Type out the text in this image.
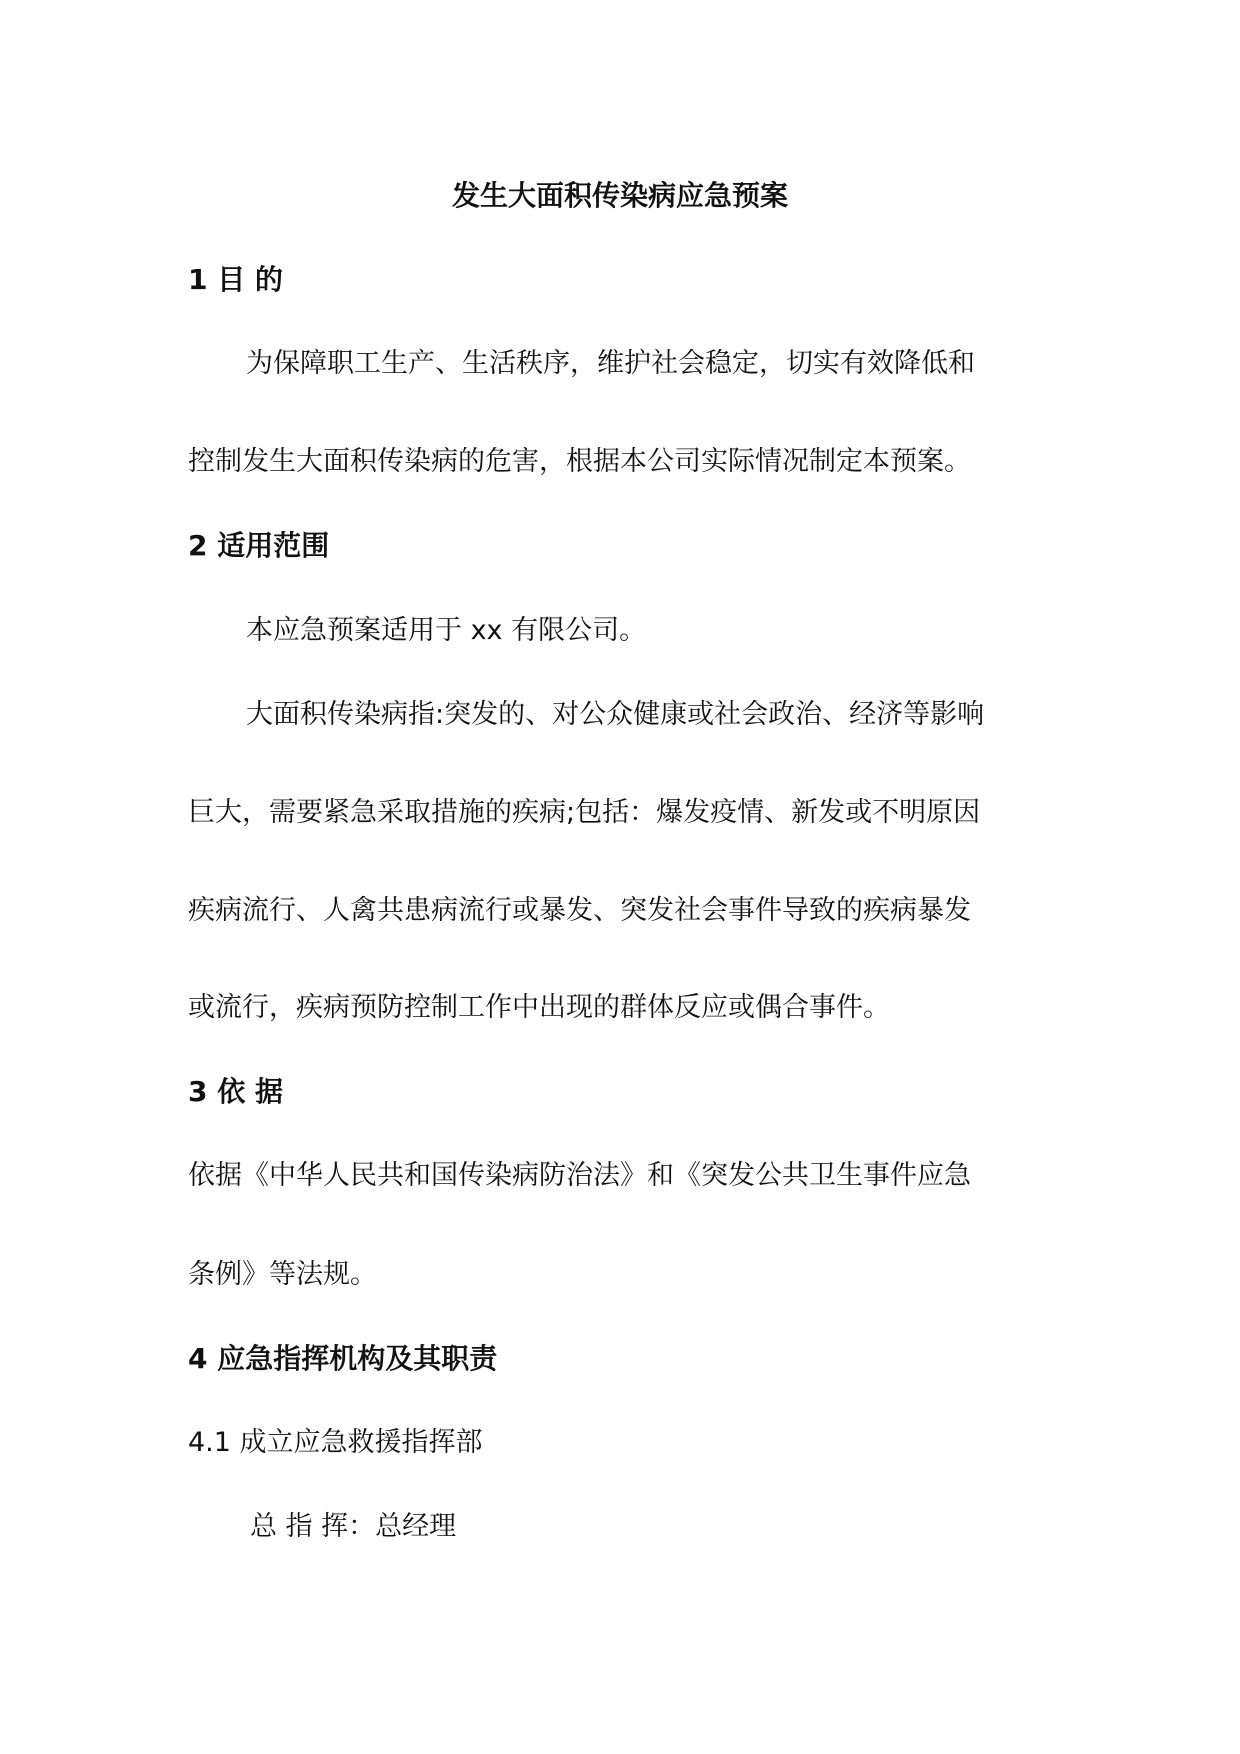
发生大面积传染病应急预案
1 目 的
为保障职工生产、生活秩序，维护社会稳定，切实有效降低和
控制发生大面积传染病的危害，根据本公司实际情况制定本预案。
2 适用范围
本应急预案适用于 xx 有限公司。
大面积传染病指:突发的、对公众健康或社会政治、经济等影响
巨大，需要紧急采取措施的疾病;包括：爆发疫情、新发或不明原因
疾病流行、人禽共患病流行或暴发、突发社会事件导致的疾病暴发
或流行，疾病预防控制工作中出现的群体反应或偶合事件。
3 依 据
依据《中华人民共和国传染病防治法》和《突发公共卫生事件应急
条例》等法规。
4 应急指挥机构及其职责
4.1 成立应急救援指挥部
总 指 挥：总经理
